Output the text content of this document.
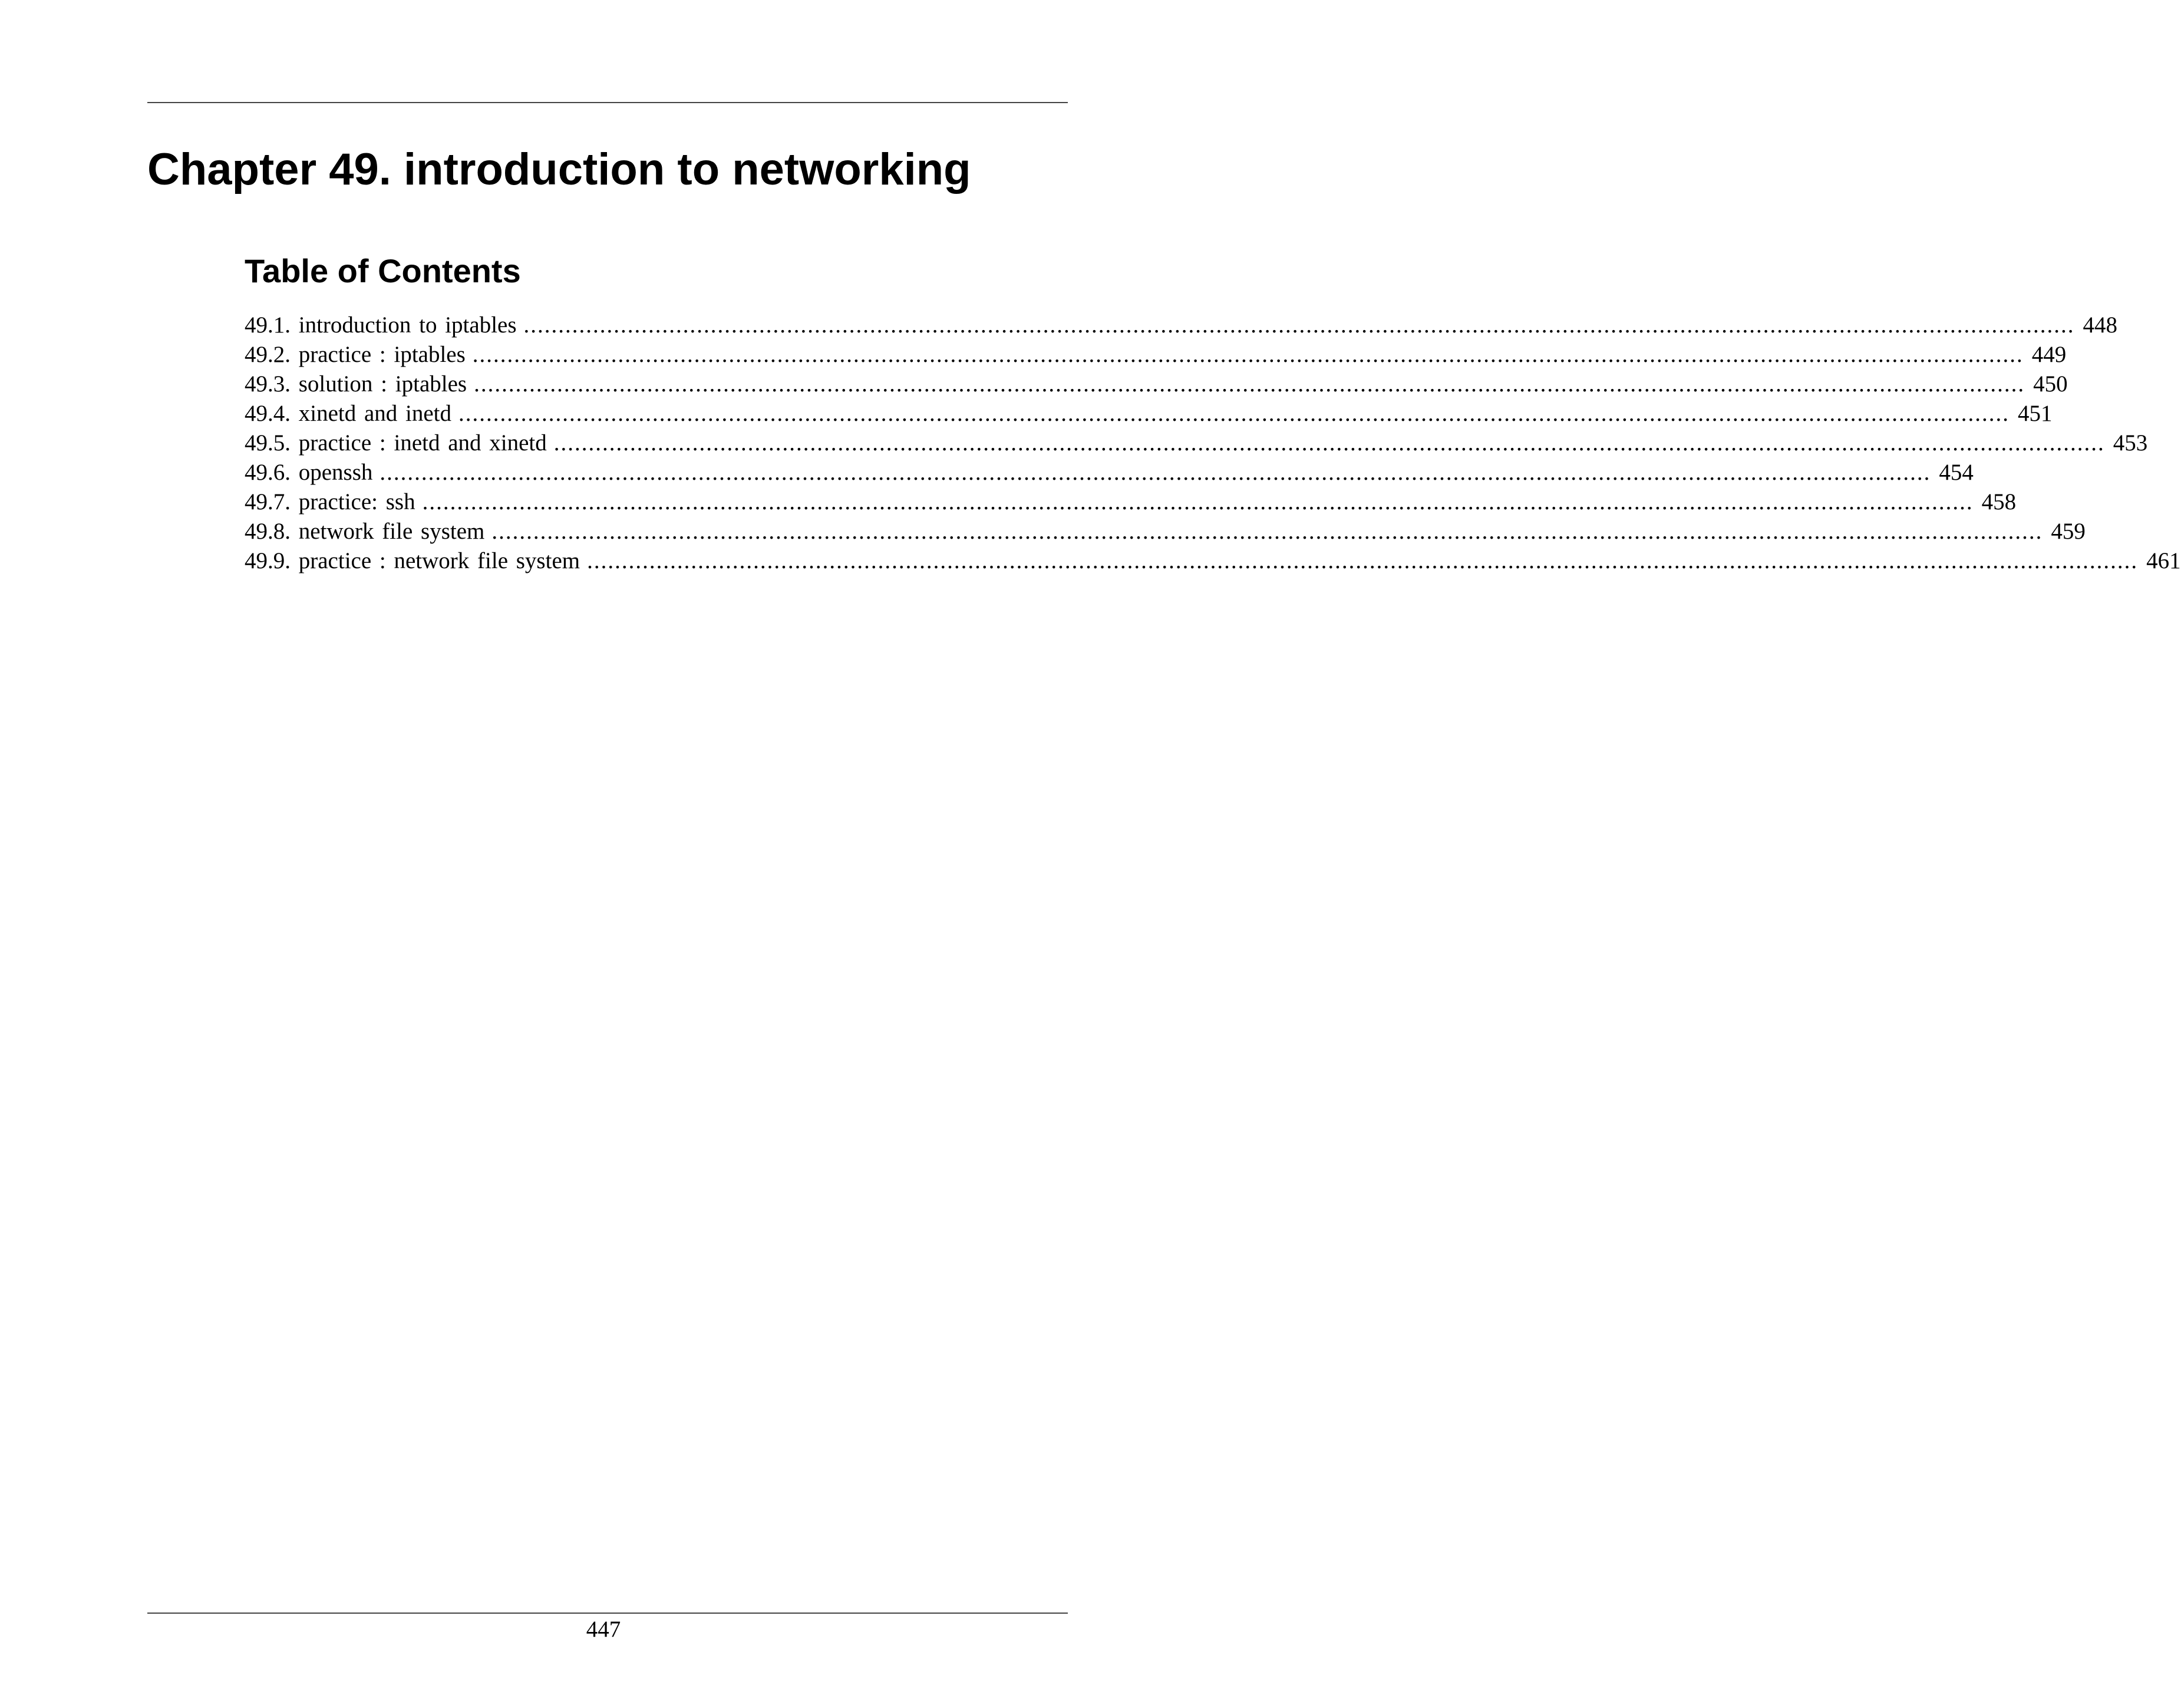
Chapter 49. introduction to networking
Table of Contents
49.1. introduction to iptables ................................................................................................................................................................................................................................ 448
49.2. practice : iptables ................................................................................................................................................................................................................................ 449
49.3. solution : iptables ................................................................................................................................................................................................................................ 450
49.4. xinetd and inetd ................................................................................................................................................................................................................................ 451
49.5. practice : inetd and xinetd ................................................................................................................................................................................................................................ 453
49.6. openssh ................................................................................................................................................................................................................................ 454
49.7. practice: ssh ................................................................................................................................................................................................................................ 458
49.8. network file system ................................................................................................................................................................................................................................ 459
49.9. practice : network file system ................................................................................................................................................................................................................................ 461
447
